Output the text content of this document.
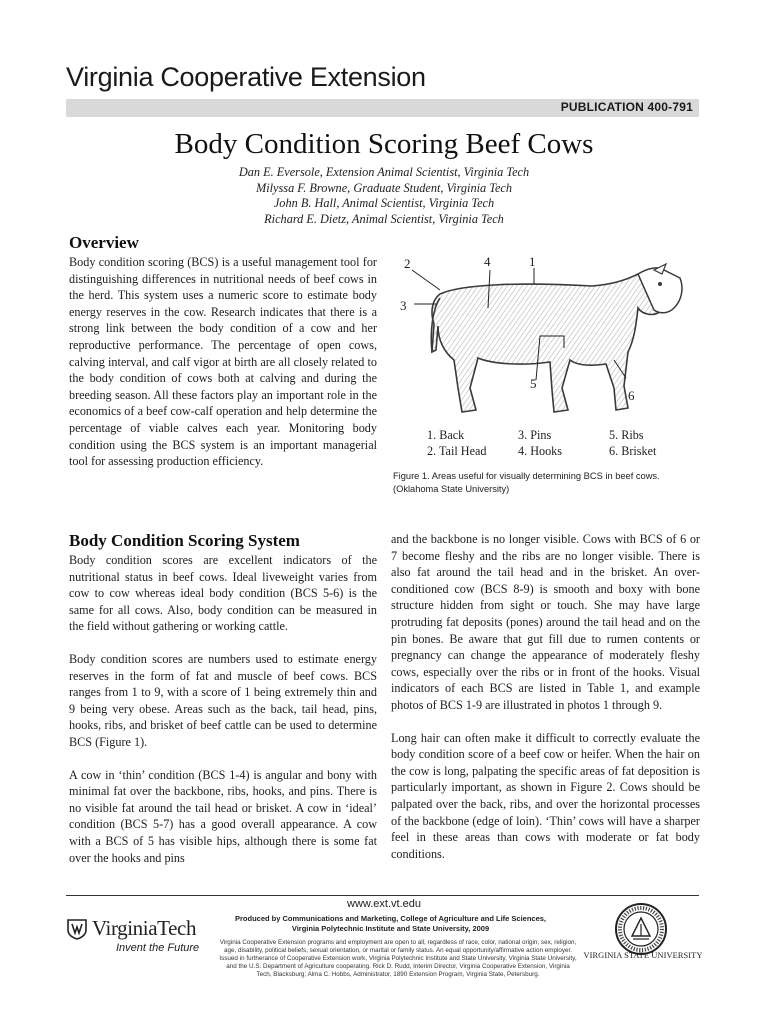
Virginia Cooperative Extension
PUBLICATION 400-791
Body Condition Scoring Beef Cows
Dan E. Eversole, Extension Animal Scientist, Virginia Tech
Milyssa F. Browne, Graduate Student, Virginia Tech
John B. Hall, Animal Scientist, Virginia Tech
Richard E. Dietz, Animal Scientist, Virginia Tech
Overview
Body condition scoring (BCS) is a useful management tool for distinguishing differences in nutritional needs of beef cows in the herd. This system uses a numeric score to estimate body energy reserves in the cow. Research indicates that there is a strong link between the body condition of a cow and her reproductive performance. The percentage of open cows, calving interval, and calf vigor at birth are all closely related to the body condition of cows both at calving and during the breeding season. All these factors play an important role in the economics of a beef cow-calf operation and help determine the percentage of viable calves each year. Monitoring body condition using the BCS system is an important managerial tool for assessing production efficiency.
1
2
3
4
5
6
1. Back	3. Pins	5. Ribs
2. Tail Head	4. Hooks	6. Brisket
Figure 1. Areas useful for visually determining BCS in beef cows. (Oklahoma State University)
Body Condition Scoring System
Body condition scores are excellent indicators of the nutritional status in beef cows. Ideal liveweight varies from cow to cow whereas ideal body condition (BCS 5-6) is the same for all cows. Also, body condition can be measured in the field without gathering or working cattle.
Body condition scores are numbers used to estimate energy reserves in the form of fat and muscle of beef cows. BCS ranges from 1 to 9, with a score of 1 being extremely thin and 9 being very obese. Areas such as the back, tail head, pins, hooks, ribs, and brisket of beef cattle can be used to determine BCS (Figure 1).
A cow in ‘thin’ condition (BCS 1-4) is angular and bony with minimal fat over the backbone, ribs, hooks, and pins. There is no visible fat around the tail head or brisket. A cow in ‘ideal’ condition (BCS 5-7) has a good overall appearance. A cow with a BCS of 5 has visible hips, although there is some fat over the hooks and pins
and the backbone is no longer visible. Cows with BCS of 6 or 7 become fleshy and the ribs are no longer visible. There is also fat around the tail head and in the brisket. An over-conditioned cow (BCS 8-9) is smooth and boxy with bone structure hidden from sight or touch. She may have large protruding fat deposits (pones) around the tail head and on the pin bones. Be aware that gut fill due to rumen contents or pregnancy can change the appearance of moderately fleshy cows, especially over the ribs or in front of the hooks. Visual indicators of each BCS are listed in Table 1, and example photos of BCS 1-9 are illustrated in photos 1 through 9.
Long hair can often make it difficult to correctly evaluate the body condition score of a beef cow or heifer. When the hair on the cow is long, palpating the specific areas of fat deposition is particularly important, as shown in Figure 2. Cows should be palpated over the back, ribs, and over the horizontal processes of the backbone (edge of loin). ‘Thin’ cows will have a sharper feel in these areas than cows with moderate or fat body conditions.
www.ext.vt.edu
Produced by Communications and Marketing, College of Agriculture and Life Sciences,
Virginia Polytechnic Institute and State University, 2009
Virginia Cooperative Extension programs and employment are open to all, regardless of race, color, national origin, sex, religion, age, disability, political beliefs, sexual orientation, or marital or family status. An equal opportunity/affirmative action employer. Issued in furtherance of Cooperative Extension work, Virginia Polytechnic Institute and State University, Virginia State University, and the U.S. Department of Agriculture cooperating. Rick D. Rudd, Interim Director, Virginia Cooperative Extension, Virginia Tech, Blacksburg; Alma C. Hobbs, Administrator, 1890 Extension Program, Virginia State, Petersburg.
VirginiaTech
Invent the Future
VIRGINIA STATE UNIVERSITY
